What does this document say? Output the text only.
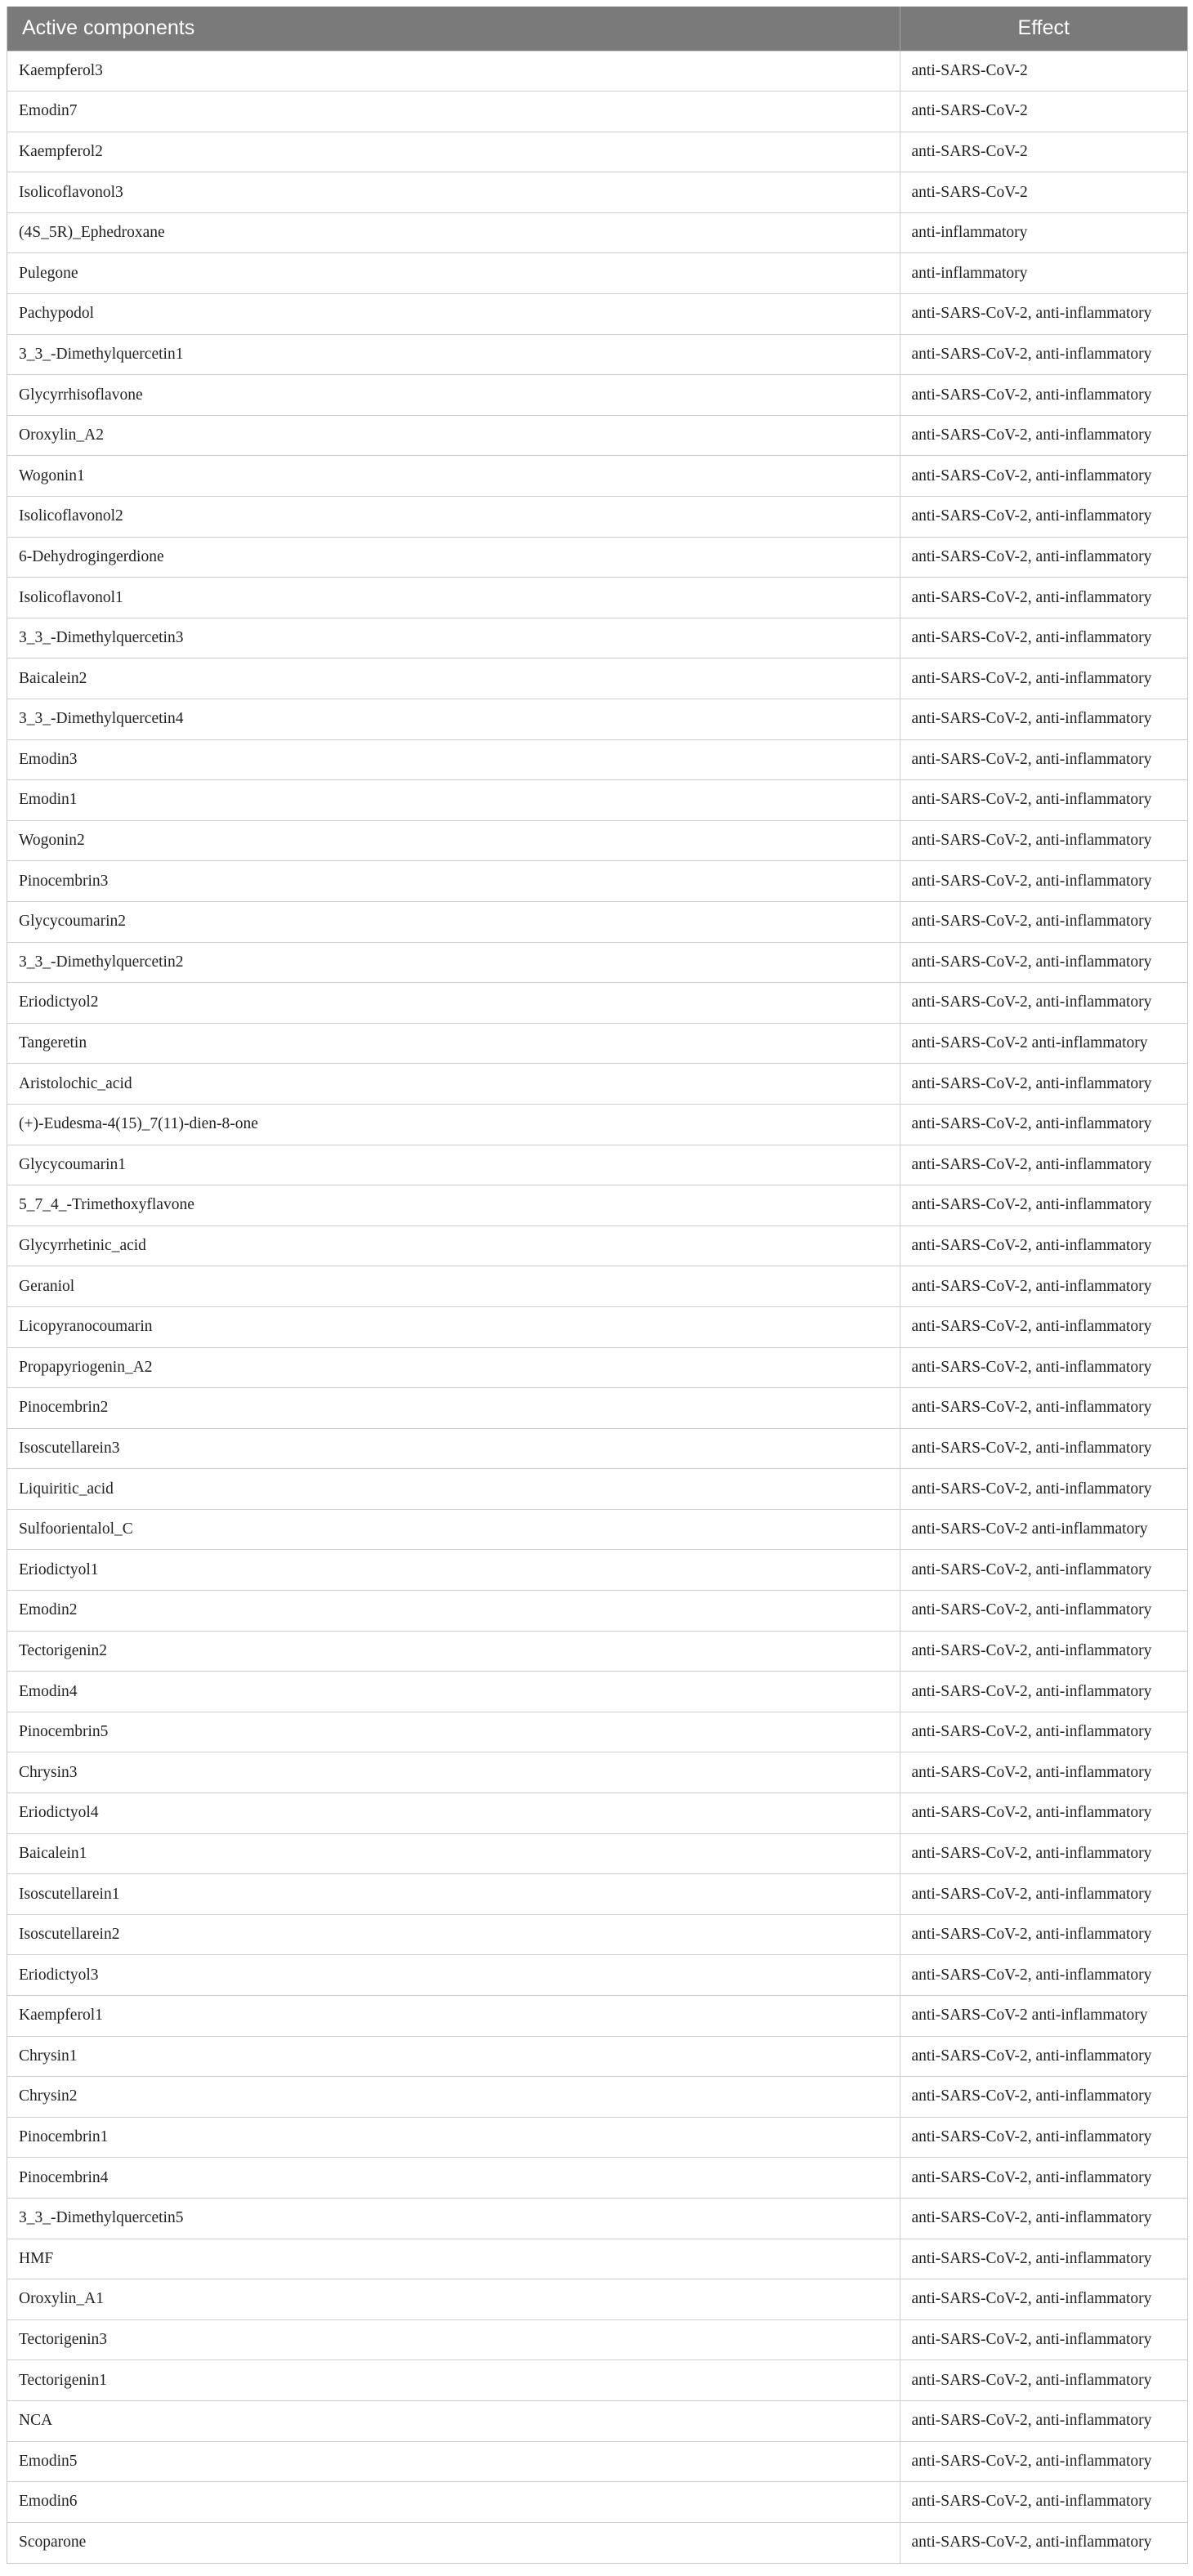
Active components	Effect
Kaempferol3	anti-SARS-CoV-2
Emodin7	anti-SARS-CoV-2
Kaempferol2	anti-SARS-CoV-2
Isolicoflavonol3	anti-SARS-CoV-2
(4S_5R)_Ephedroxane	anti-inflammatory
Pulegone	anti-inflammatory
Pachypodol	anti-SARS-CoV-2, anti-inflammatory
3_3_-Dimethylquercetin1	anti-SARS-CoV-2, anti-inflammatory
Glycyrrhisoflavone	anti-SARS-CoV-2, anti-inflammatory
Oroxylin_A2	anti-SARS-CoV-2, anti-inflammatory
Wogonin1	anti-SARS-CoV-2, anti-inflammatory
Isolicoflavonol2	anti-SARS-CoV-2, anti-inflammatory
6-Dehydrogingerdione	anti-SARS-CoV-2, anti-inflammatory
Isolicoflavonol1	anti-SARS-CoV-2, anti-inflammatory
3_3_-Dimethylquercetin3	anti-SARS-CoV-2, anti-inflammatory
Baicalein2	anti-SARS-CoV-2, anti-inflammatory
3_3_-Dimethylquercetin4	anti-SARS-CoV-2, anti-inflammatory
Emodin3	anti-SARS-CoV-2, anti-inflammatory
Emodin1	anti-SARS-CoV-2, anti-inflammatory
Wogonin2	anti-SARS-CoV-2, anti-inflammatory
Pinocembrin3	anti-SARS-CoV-2, anti-inflammatory
Glycycoumarin2	anti-SARS-CoV-2, anti-inflammatory
3_3_-Dimethylquercetin2	anti-SARS-CoV-2, anti-inflammatory
Eriodictyol2	anti-SARS-CoV-2, anti-inflammatory
Tangeretin	anti-SARS-CoV-2 anti-inflammatory
Aristolochic_acid	anti-SARS-CoV-2, anti-inflammatory
(+)-Eudesma-4(15)_7(11)-dien-8-one	anti-SARS-CoV-2, anti-inflammatory
Glycycoumarin1	anti-SARS-CoV-2, anti-inflammatory
5_7_4_-Trimethoxyflavone	anti-SARS-CoV-2, anti-inflammatory
Glycyrrhetinic_acid	anti-SARS-CoV-2, anti-inflammatory
Geraniol	anti-SARS-CoV-2, anti-inflammatory
Licopyranocoumarin	anti-SARS-CoV-2, anti-inflammatory
Propapyriogenin_A2	anti-SARS-CoV-2, anti-inflammatory
Pinocembrin2	anti-SARS-CoV-2, anti-inflammatory
Isoscutellarein3	anti-SARS-CoV-2, anti-inflammatory
Liquiritic_acid	anti-SARS-CoV-2, anti-inflammatory
Sulfoorientalol_C	anti-SARS-CoV-2 anti-inflammatory
Eriodictyol1	anti-SARS-CoV-2, anti-inflammatory
Emodin2	anti-SARS-CoV-2, anti-inflammatory
Tectorigenin2	anti-SARS-CoV-2, anti-inflammatory
Emodin4	anti-SARS-CoV-2, anti-inflammatory
Pinocembrin5	anti-SARS-CoV-2, anti-inflammatory
Chrysin3	anti-SARS-CoV-2, anti-inflammatory
Eriodictyol4	anti-SARS-CoV-2, anti-inflammatory
Baicalein1	anti-SARS-CoV-2, anti-inflammatory
Isoscutellarein1	anti-SARS-CoV-2, anti-inflammatory
Isoscutellarein2	anti-SARS-CoV-2, anti-inflammatory
Eriodictyol3	anti-SARS-CoV-2, anti-inflammatory
Kaempferol1	anti-SARS-CoV-2 anti-inflammatory
Chrysin1	anti-SARS-CoV-2, anti-inflammatory
Chrysin2	anti-SARS-CoV-2, anti-inflammatory
Pinocembrin1	anti-SARS-CoV-2, anti-inflammatory
Pinocembrin4	anti-SARS-CoV-2, anti-inflammatory
3_3_-Dimethylquercetin5	anti-SARS-CoV-2, anti-inflammatory
HMF	anti-SARS-CoV-2, anti-inflammatory
Oroxylin_A1	anti-SARS-CoV-2, anti-inflammatory
Tectorigenin3	anti-SARS-CoV-2, anti-inflammatory
Tectorigenin1	anti-SARS-CoV-2, anti-inflammatory
NCA	anti-SARS-CoV-2, anti-inflammatory
Emodin5	anti-SARS-CoV-2, anti-inflammatory
Emodin6	anti-SARS-CoV-2, anti-inflammatory
Scoparone	anti-SARS-CoV-2, anti-inflammatory
